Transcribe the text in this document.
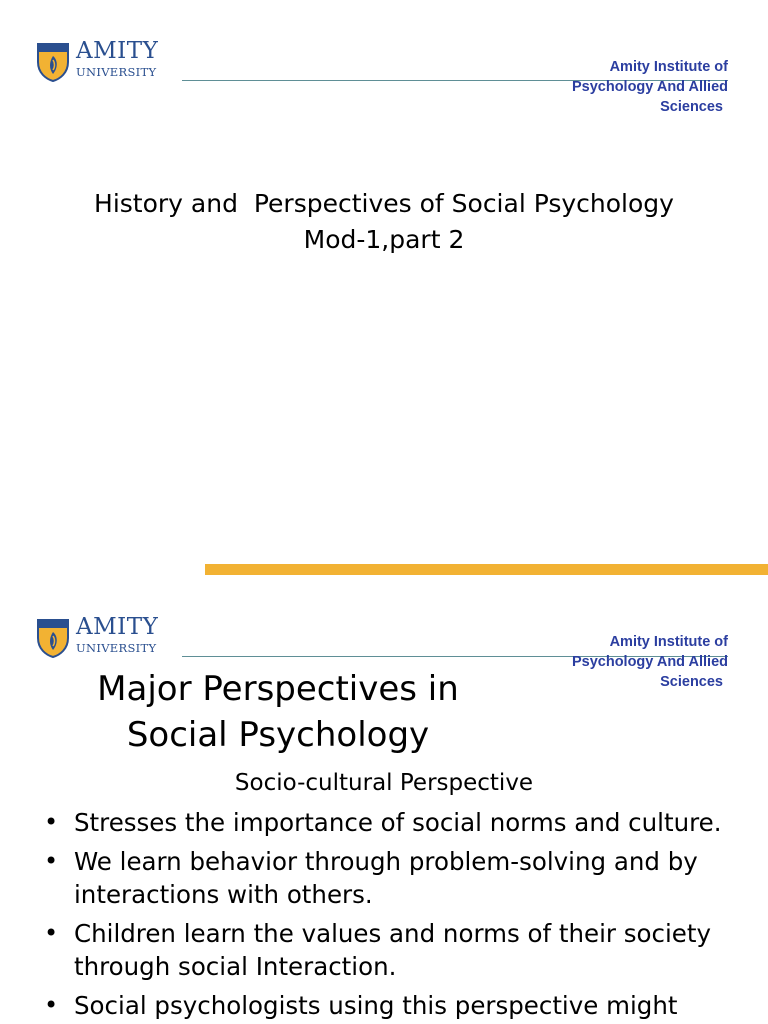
AMITY
UNIVERSITY	Amity Institute of
Psychology And Allied
Sciences
History and  Perspectives of Social Psychology
Mod-1,part 2
AMITY
UNIVERSITY	Amity Institute of
Psychology And Allied
Sciences
Major Perspectives in
Social Psychology
Socio-cultural Perspective
• Stresses the importance of social norms and culture.
• We learn behavior through problem-solving and by
interactions with others.
• Children learn the values and norms of their society
through social Interaction.
• Social psychologists using this perspective might
